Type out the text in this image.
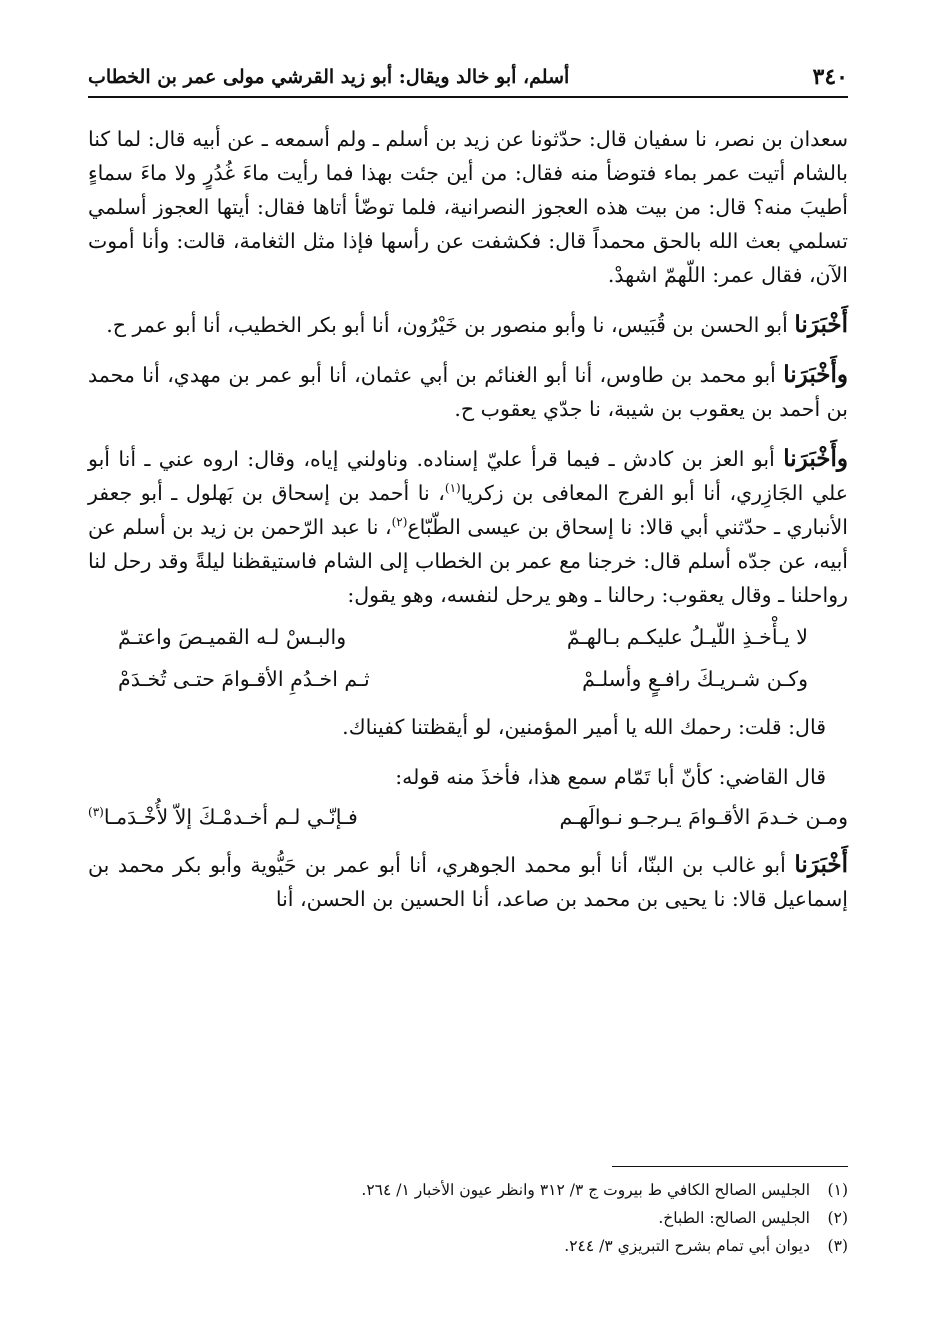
٣٤٠
أسلم، أبو خالد ويقال: أبو زيد القرشي مولى عمر بن الخطاب

سعدان بن نصر، نا سفيان قال: حدّثونا عن زيد بن أسلم ـ ولم أسمعه ـ عن أبيه قال: لما كنا بالشام أتيت عمر بماء فتوضأ منه فقال: من أين جئت بهذا فما رأيت ماءَ غُدُرٍ ولا ماءَ سماءٍ أطيبَ منه؟ قال: من بيت هذه العجوز النصرانية، فلما توضّأ أتاها فقال: أيتها العجوز أسلمي تسلمي بعث الله بالحق محمداً قال: فكشفت عن رأسها فإذا مثل الثغامة، قالت: وأنا أموت الآن، فقال عمر: اللّهمّ اشهدْ.

أَخْبَرَنا أبو الحسن بن قُبَيس، نا وأبو منصور بن خَيْرُون، أنا أبو بكر الخطيب، أنا أبو عمر ح.

وأَخْبَرَنا أبو محمد بن طاوس، أنا أبو الغنائم بن أبي عثمان، أنا أبو عمر بن مهدي، أنا محمد بن أحمد بن يعقوب بن شيبة، نا جدّي يعقوب ح.

وأَخْبَرَنا أبو العز بن كادش ـ فيما قرأ عليّ إسناده. وناولني إياه، وقال: اروه عني ـ أنا أبو علي الجَازِري، أنا أبو الفرج المعافى بن زكريا$^{(١)}$، نا أحمد بن إسحاق بن بَهلول ـ أبو جعفر الأنباري ـ حدّثني أبي قالا: نا إسحاق بن عيسى الطّبّاع$^{(٢)}$، نا عبد الرّحمن بن زيد بن أسلم عن أبيه، عن جدّه أسلم قال: خرجنا مع عمر بن الخطاب إلى الشام فاستيقظنا ليلةً وقد رحل لنا رواحلنا ـ وقال يعقوب: رحالنا ـ وهو يرحل لنفسه، وهو يقول:

لا يـأْخـذِ اللّيـلُ عليكـم بـالهـمّ
والبـسْ لـه القميـصَ واعتـمّ
وكـن شـريـكَ رافـعٍ وأسلـمْ
ثـم اخـدُمِ الأقـوامَ حتـى تُخـدَمْ

قال: قلت: رحمك الله يا أمير المؤمنين، لو أيقظتنا كفيناك.

قال القاضي: كأنّ أبا تَمّام سمع هذا، فأخذَ منه قوله:

ومـن خـدمَ الأقـوامَ يـرجـو نـوالَهـم
فـإنّـي لـم أخـدمْـكَ إلاّ لأُخْـدَمـا$^{(٣)}$

أَخْبَرَنا أبو غالب بن البنّا، أنا أبو محمد الجوهري، أنا أبو عمر بن حَيُّوية وأبو بكر محمد بن إسماعيل قالا: نا يحيى بن محمد بن صاعد، أنا الحسين بن الحسن، أنا

(١)
الجليس الصالح الكافي ط بيروت ج ٣/ ٣١٢ وانظر عيون الأخبار ١/ ٢٦٤.
(٢)
الجليس الصالح: الطباخ.
(٣)
ديوان أبي تمام بشرح التبريزي ٣/ ٢٤٤.
